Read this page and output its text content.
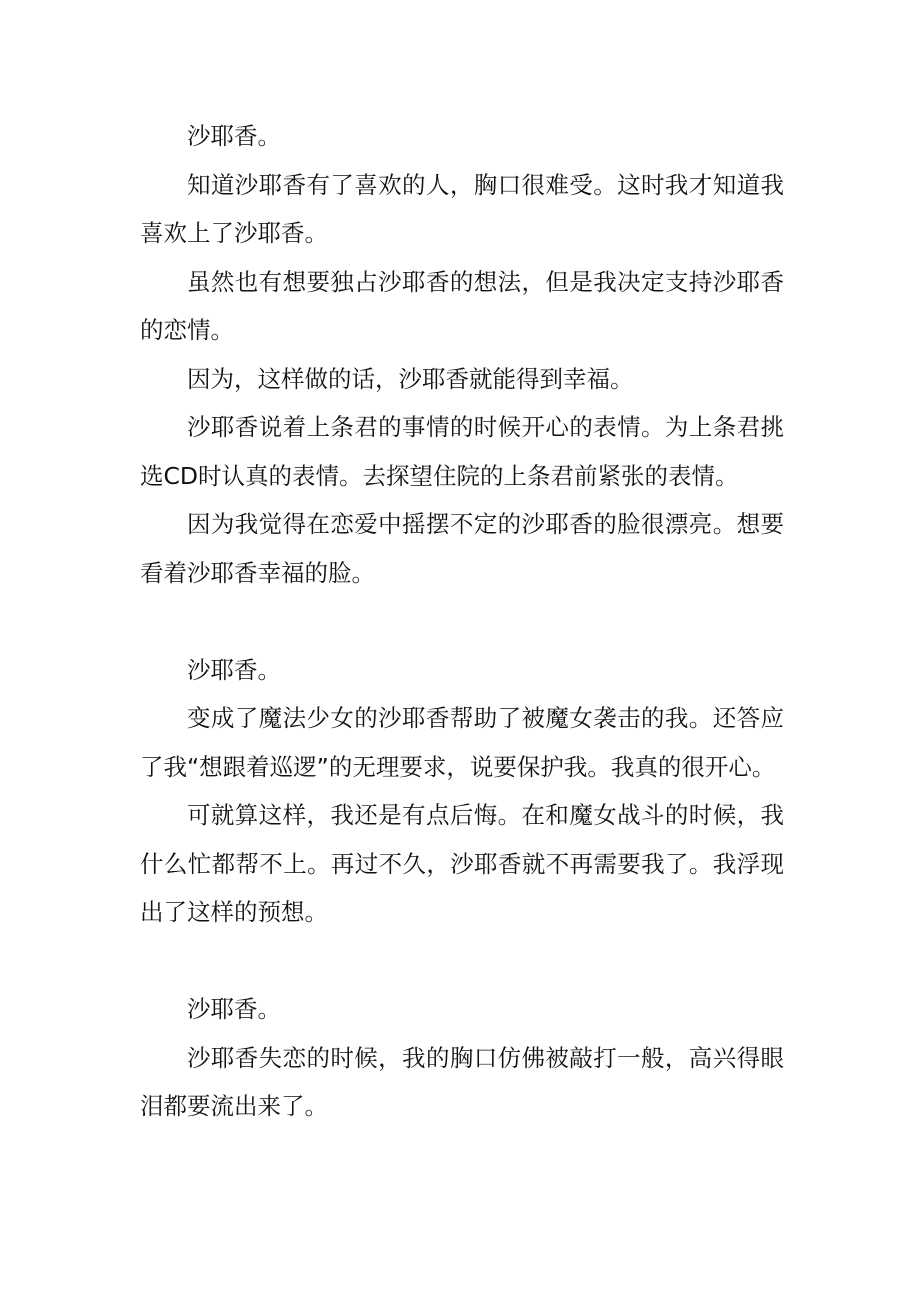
沙耶香。

知道沙耶香有了喜欢的人，胸口很难受。这时我才知道我喜欢上了沙耶香。

虽然也有想要独占沙耶香的想法，但是我决定支持沙耶香的恋情。

因为，这样做的话，沙耶香就能得到幸福。

沙耶香说着上条君的事情的时候开心的表情。为上条君挑选CD时认真的表情。去探望住院的上条君前紧张的表情。

因为我觉得在恋爱中摇摆不定的沙耶香的脸很漂亮。想要看着沙耶香幸福的脸。

沙耶香。

变成了魔法少女的沙耶香帮助了被魔女袭击的我。还答应了我“想跟着巡逻”的无理要求，说要保护我。我真的很开心。

可就算这样，我还是有点后悔。在和魔女战斗的时候，我什么忙都帮不上。再过不久，沙耶香就不再需要我了。我浮现出了这样的预想。

沙耶香。

沙耶香失恋的时候，我的胸口仿佛被敲打一般，高兴得眼泪都要流出来了。
